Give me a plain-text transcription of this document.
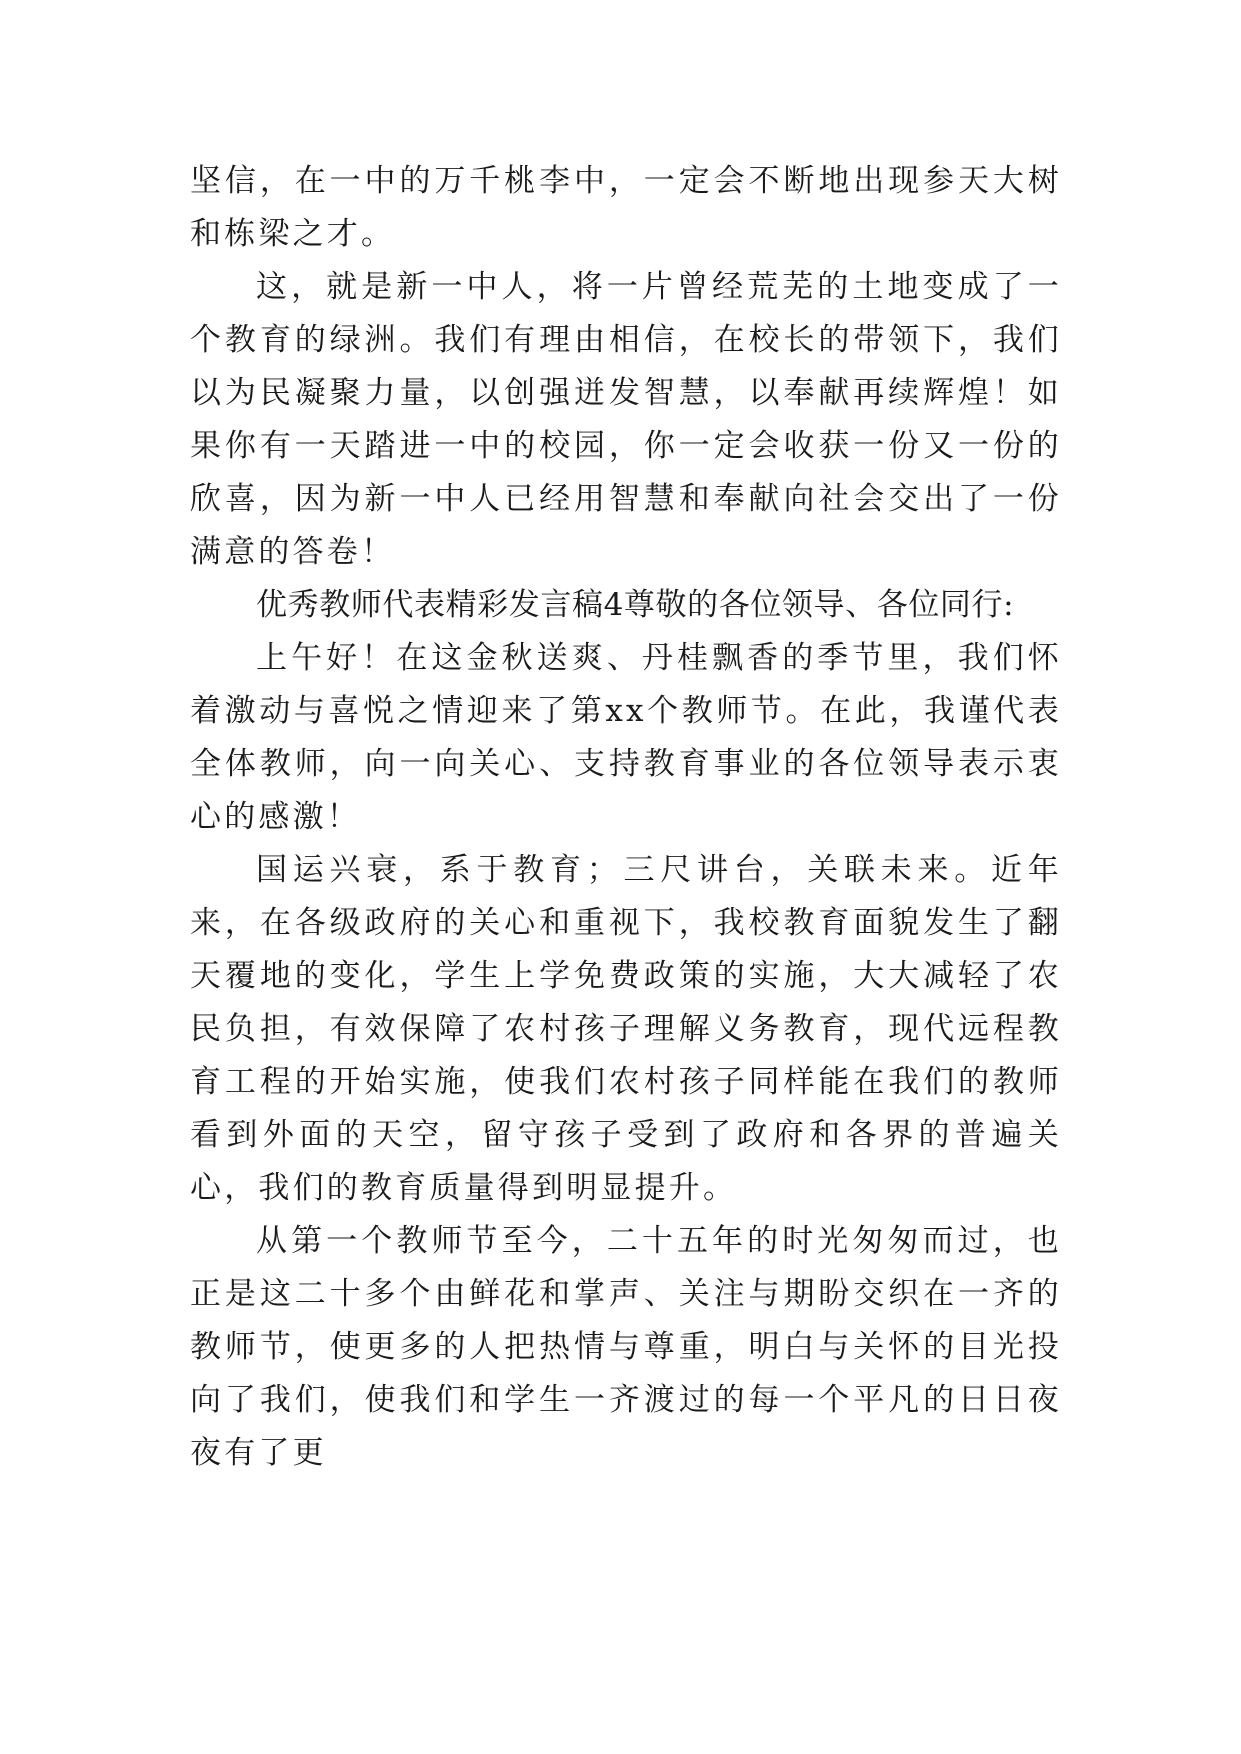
坚信，在一中的万千桃李中，一定会不断地出现参天大树和栋梁之才。

这，就是新一中人，将一片曾经荒芜的土地变成了一个教育的绿洲。我们有理由相信，在校长的带领下，我们以为民凝聚力量，以创强迸发智慧，以奉献再续辉煌！如果你有一天踏进一中的校园，你一定会收获一份又一份的欣喜，因为新一中人已经用智慧和奉献向社会交出了一份满意的答卷！

优秀教师代表精彩发言稿4尊敬的各位领导、各位同行:

上午好！在这金秋送爽、丹桂飘香的季节里，我们怀着激动与喜悦之情迎来了第xx个教师节。在此，我谨代表全体教师，向一向关心、支持教育事业的各位领导表示衷心的感激！

国运兴衰，系于教育；三尺讲台，关联未来。近年来，在各级政府的关心和重视下，我校教育面貌发生了翻天覆地的变化，学生上学免费政策的实施，大大减轻了农民负担，有效保障了农村孩子理解义务教育，现代远程教育工程的开始实施，使我们农村孩子同样能在我们的教师看到外面的天空，留守孩子受到了政府和各界的普遍关心，我们的教育质量得到明显提升。

从第一个教师节至今，二十五年的时光匆匆而过，也正是这二十多个由鲜花和掌声、关注与期盼交织在一齐的教师节，使更多的人把热情与尊重，明白与关怀的目光投向了我们，使我们和学生一齐渡过的每一个平凡的日日夜夜有了更
